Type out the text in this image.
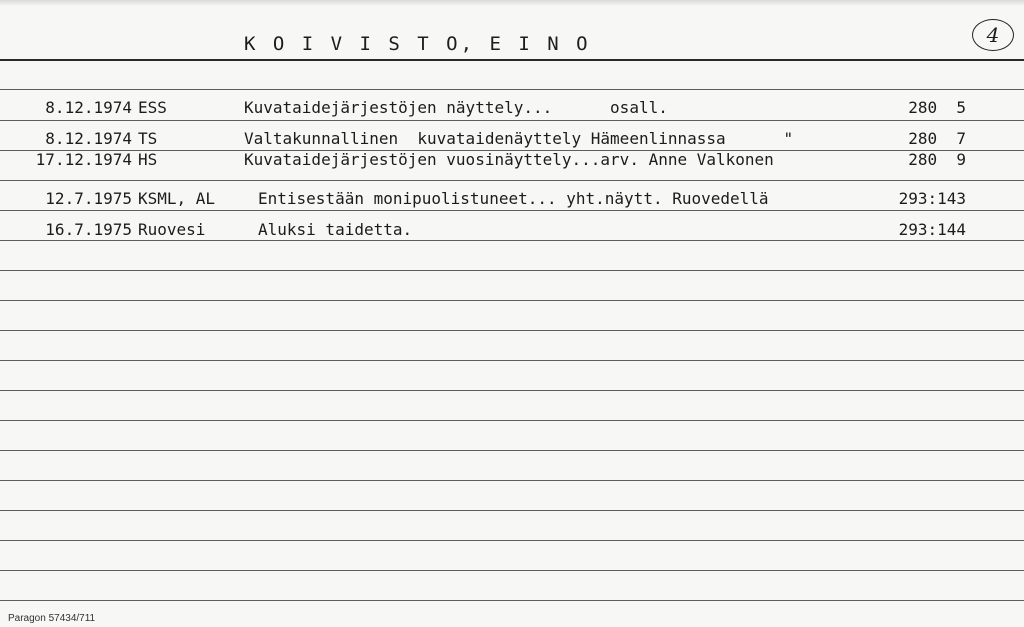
K O I V I S T O, E I N O	4
8.12.1974 ESS	Kuvataidejärjestöjen näyttely...      osall.	280  5
8.12.1974 TS	Valtakunnallinen  kuvataidenäyttely Hämeenlinnassa      "	280  7
17.12.1974 HS	Kuvataidejärjestöjen vuosinäyttely...arv. Anne Valkonen	280  9
12.7.1975 KSML, AL	Entisestään monipuolistuneet... yht.näytt. Ruovedellä	293:143
16.7.1975 Ruovesi	Aluksi taidetta.	293:144
Paragon 57434/711
